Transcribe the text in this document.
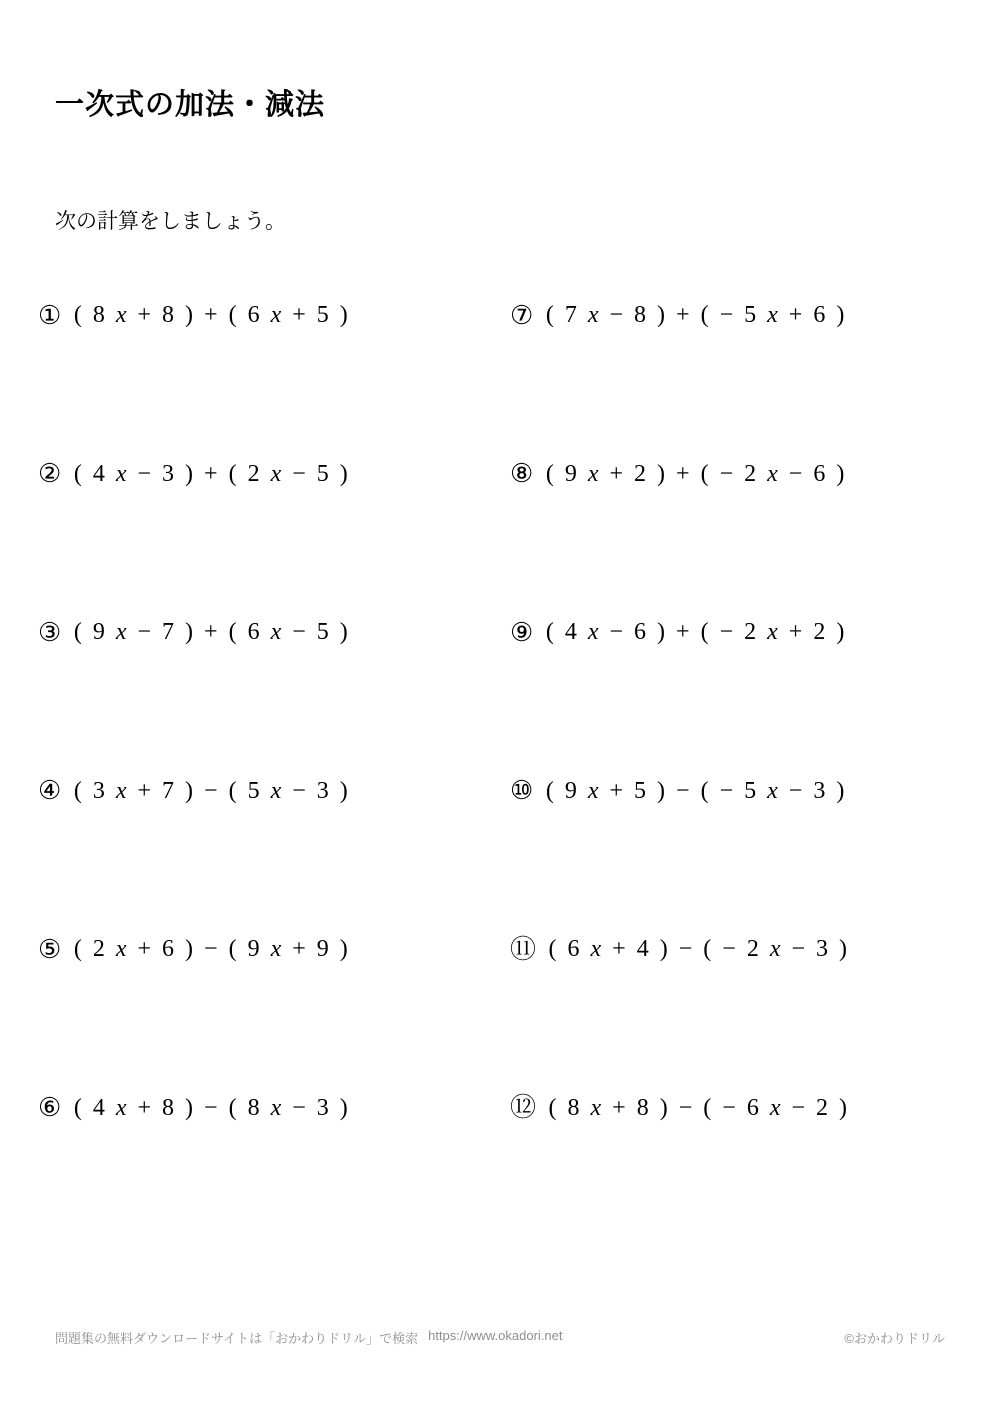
一次式の加法・減法
次の計算をしましょう。
① ( 8 x + 8 ) + ( 6 x + 5 )
② ( 4 x − 3 ) + ( 2 x − 5 )
③ ( 9 x − 7 ) + ( 6 x − 5 )
④ ( 3 x + 7 ) − ( 5 x − 3 )
⑤ ( 2 x + 6 ) − ( 9 x + 9 )
⑥ ( 4 x + 8 ) − ( 8 x − 3 )
⑦ ( 7 x − 8 ) + ( − 5 x + 6 )
⑧ ( 9 x + 2 ) + ( − 2 x − 6 )
⑨ ( 4 x − 6 ) + ( − 2 x + 2 )
⑩ ( 9 x + 5 ) − ( − 5 x − 3 )
⑪ ( 6 x + 4 ) − ( − 2 x − 3 )
⑫ ( 8 x + 8 ) − ( − 6 x − 2 )
問題集の無料ダウンロードサイトは「おかわりドリル」で検索 https://www.okadori.net	©おかわりドリル
